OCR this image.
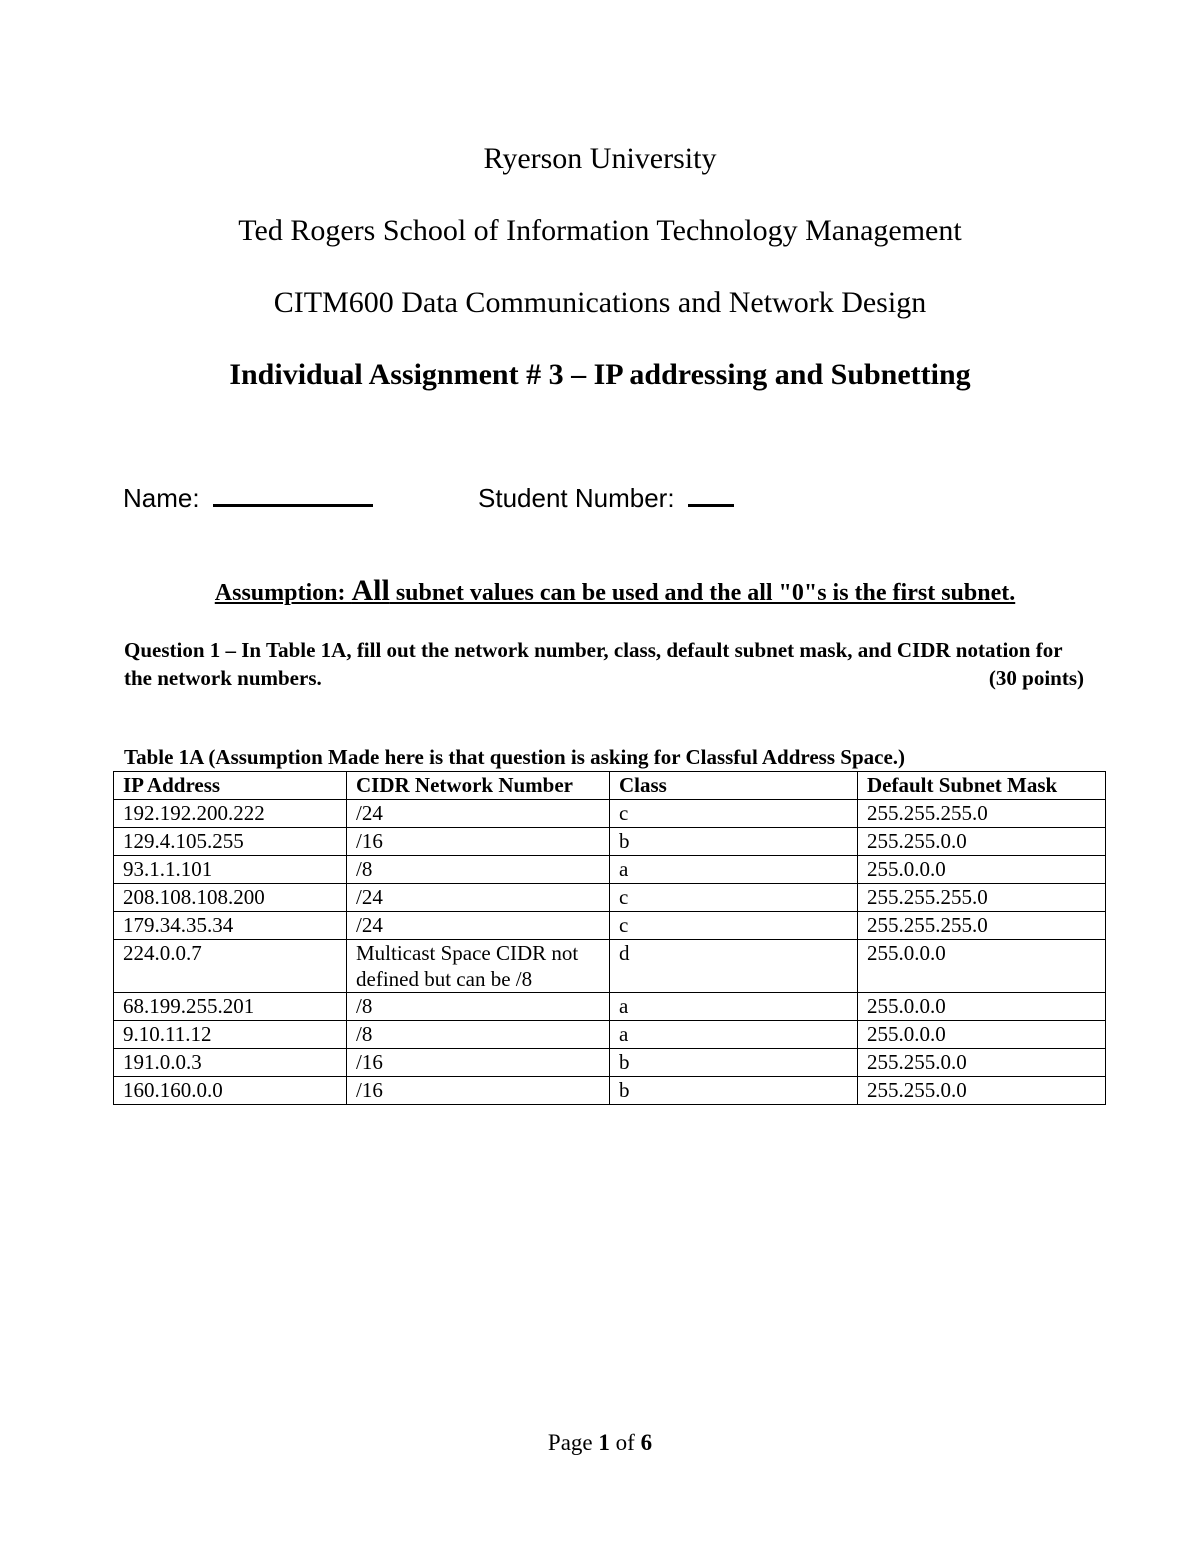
Ryerson University
Ted Rogers School of Information Technology Management
CITM600 Data Communications and Network Design
Individual Assignment # 3 – IP addressing and Subnetting
Name:	Student Number:
Assumption: All subnet values can be used and the all "0"s is the first subnet.
Question 1 – In Table 1A, fill out the network number, class, default subnet mask, and CIDR notation for the network numbers.	(30 points)
Table 1A (Assumption Made here is that question is asking for Classful Address Space.)
IP Address	CIDR Network Number	Class	Default Subnet Mask
192.192.200.222	/24	c	255.255.255.0
129.4.105.255	/16	b	255.255.0.0
93.1.1.101	/8	a	255.0.0.0
208.108.108.200	/24	c	255.255.255.0
179.34.35.34	/24	c	255.255.255.0
224.0.0.7	Multicast Space CIDR not defined but can be /8	d	255.0.0.0
68.199.255.201	/8	a	255.0.0.0
9.10.11.12	/8	a	255.0.0.0
191.0.0.3	/16	b	255.255.0.0
160.160.0.0	/16	b	255.255.0.0
Page 1 of 6
